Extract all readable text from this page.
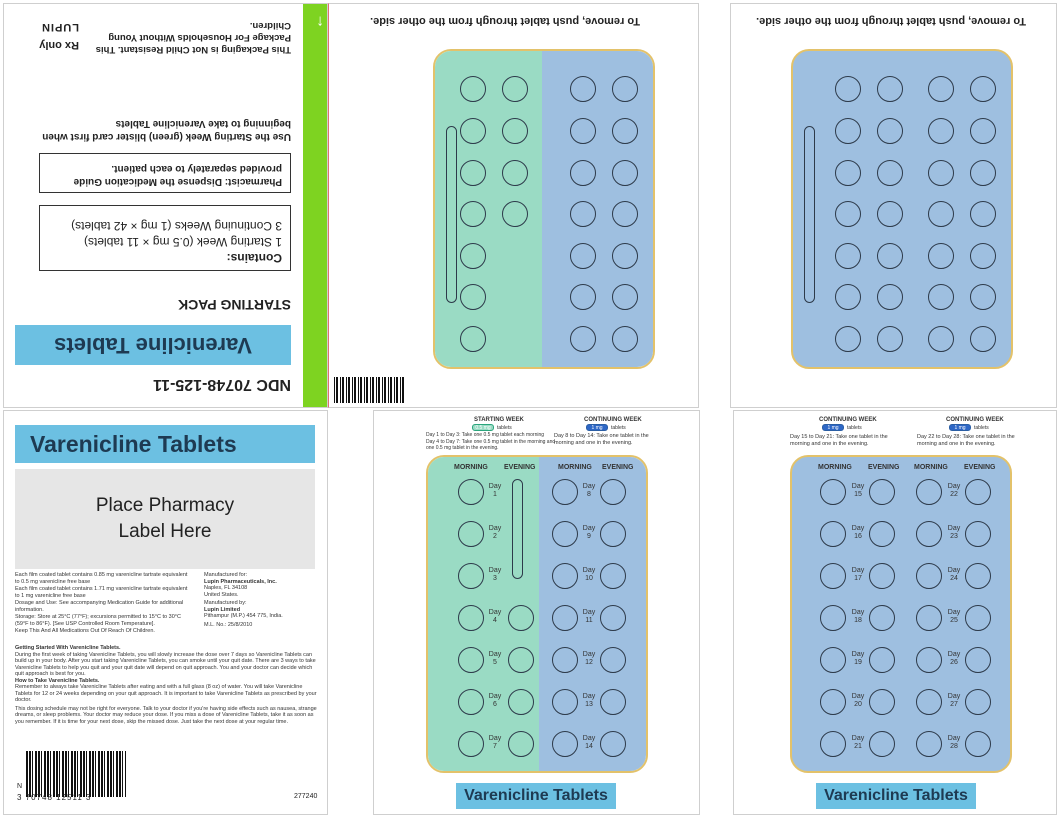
↑
NDC 70748-125-11
Varenicline Tablets
STARTING PACK
Contains:
1 Starting Week (0.5 mg × 11 tablets)
3 Continuing Weeks (1 mg × 42 tablets)
Pharmacist: Dispense the Medication Guide provided separately to each patient.
Use the Starting Week (green) blister card first when beginning to take Varenicline Tablets
This Packaging is Not Child Resistant. This Package For Households Without Young Children.
Rx only
LUPIN	To remove, push tablet through from the other side.	To remove, push tablet through from the other side.
Varenicline Tablets
Place Pharmacy Label Here
Each film coated tablet contains 0.85 mg varenicline tartrate equivalent to 0.5 mg varenicline free base
Each film coated tablet contains 1.71 mg varenicline tartrate equivalent to 1 mg varenicline free base
Dosage and Use: See accompanying Medication Guide for additional information.
Storage: Store at 25°C (77°F); excursions permitted to 15°C to 30°C (59°F to 86°F). [See USP Controlled Room Temperature].
Keep This And All Medications Out Of Reach Of Children.
Manufactured for:
Lupin Pharmaceuticals, Inc.
Naples, FL 34108
United States.
Manufactured by:
Lupin Limited
Pithampur (M.P.) 454 775, India.
M.L. No.: 25/8/2010
Getting Started With Varenicline Tablets.
During the first week of taking Varenicline Tablets, you will slowly increase the dose over 7 days so Varenicline Tablets can build up in your body. After you start taking Varenicline Tablets, you can smoke until your quit date. There are 3 ways to take Varenicline Tablets to help you quit and your quit date will depend on quit approach. You and your doctor can decide which quit approach is best for you.
How to Take Varenicline Tablets.
Remember to always take Varenicline Tablets after eating and with a full glass (8 oz) of water. You will take Varenicline Tablets for 12 or 24 weeks depending on your quit approach. It is important to take Varenicline Tablets as prescribed by your doctor.
This dosing schedule may not be right for everyone. Talk to your doctor if you're having side effects such as nausea, strange dreams, or sleep problems. Your doctor may reduce your dose. If you miss a dose of Varenicline Tablets, take it as soon as you remember. If it is time for your next dose, skip the missed dose. Just take the next dose at your regular time.
N
3 70748 12511 3	277240
STARTING WEEK
0.5 mg	tablets
Day 1 to Day 3: Take one 0.5 mg tablet each morning
Day 4 to Day 7: Take one 0.5 mg tablet in the morning and one 0.5 mg tablet in the evening.
CONTINUING WEEK
1 mg	tablets
Day 8 to Day 14: Take one tablet in the morning and one in the evening.
MORNING EVENING	MORNING EVENING
Day
1
Day
8
Day
2
Day
9
Day
3
Day
10
Day
4
Day
11
Day
5
Day
12
Day
6
Day
13
Day
7
Day
14
Varenicline Tablets
CONTINUING WEEK
1 mg	tablets
Day 15 to Day 21: Take one tablet in the morning and one in the evening.
CONTINUING WEEK
1 mg	tablets
Day 22 to Day 28: Take one tablet in the morning and one in the evening.
MORNING EVENING MORNING EVENING
Day
15
Day
22
Day
16
Day
23
Day
17
Day
24
Day
18
Day
25
Day
19
Day
26
Day
20
Day
27
Day
21
Day
28
Varenicline Tablets
